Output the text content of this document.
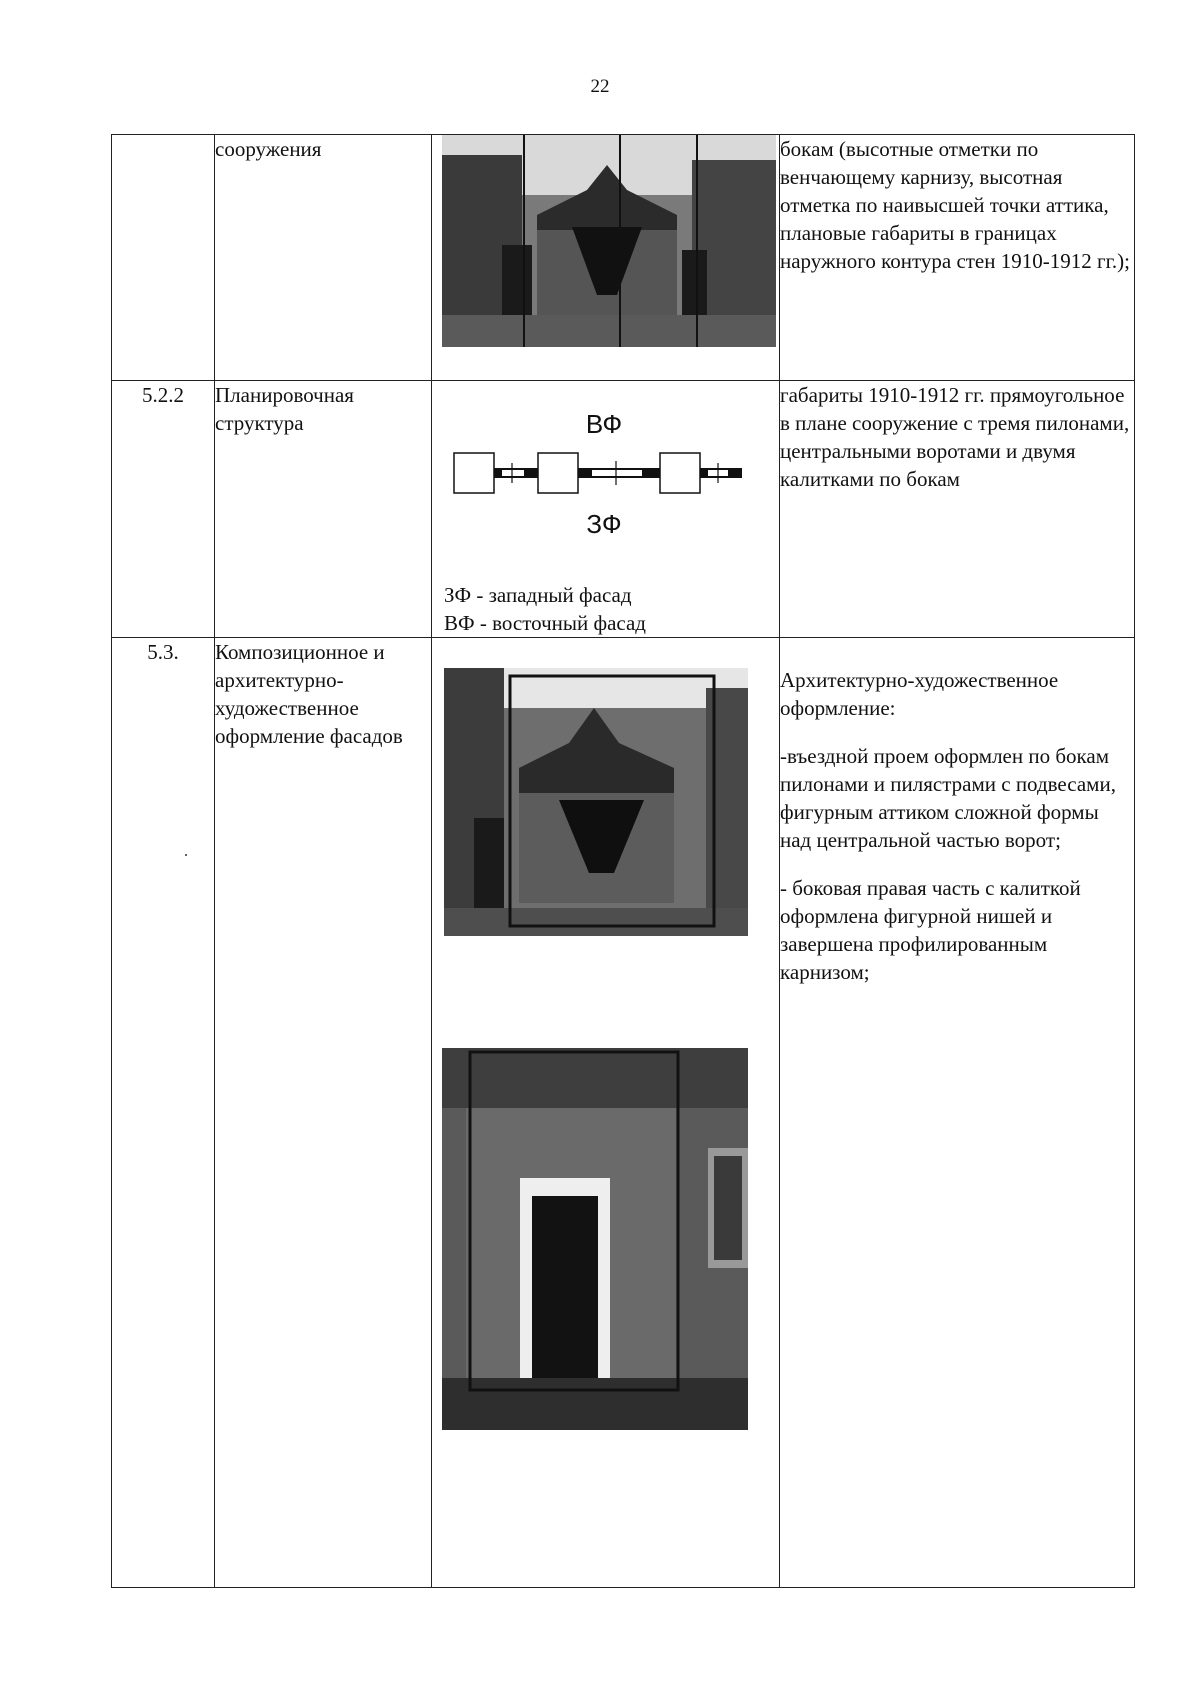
22

	сооружения		бокам (высотные отметки по венчающему карнизу, высотная отметка по наивысшей точки аттика, плановые габариты в границах наружного контура стен 1910-1912 гг.);

5.2.2	Планировочная структура	ВФ
ЗФ
ЗФ - западный фасад
ВФ - восточный фасад	габариты 1910-1912 гг. прямоугольное в плане сооружение с тремя пилонами, центральными воротами и двумя калитками по бокам

5.3.	Композиционное и архитектурно-художественное оформление фасадов		Архитектурно-художественное оформление:
-въездной проем оформлен по бокам пилонами и пилястрами с подвесами, фигурным аттиком сложной формы над центральной частью ворот;
- боковая правая часть с калиткой оформлена фигурной нишей и завершена профилированным карнизом;
